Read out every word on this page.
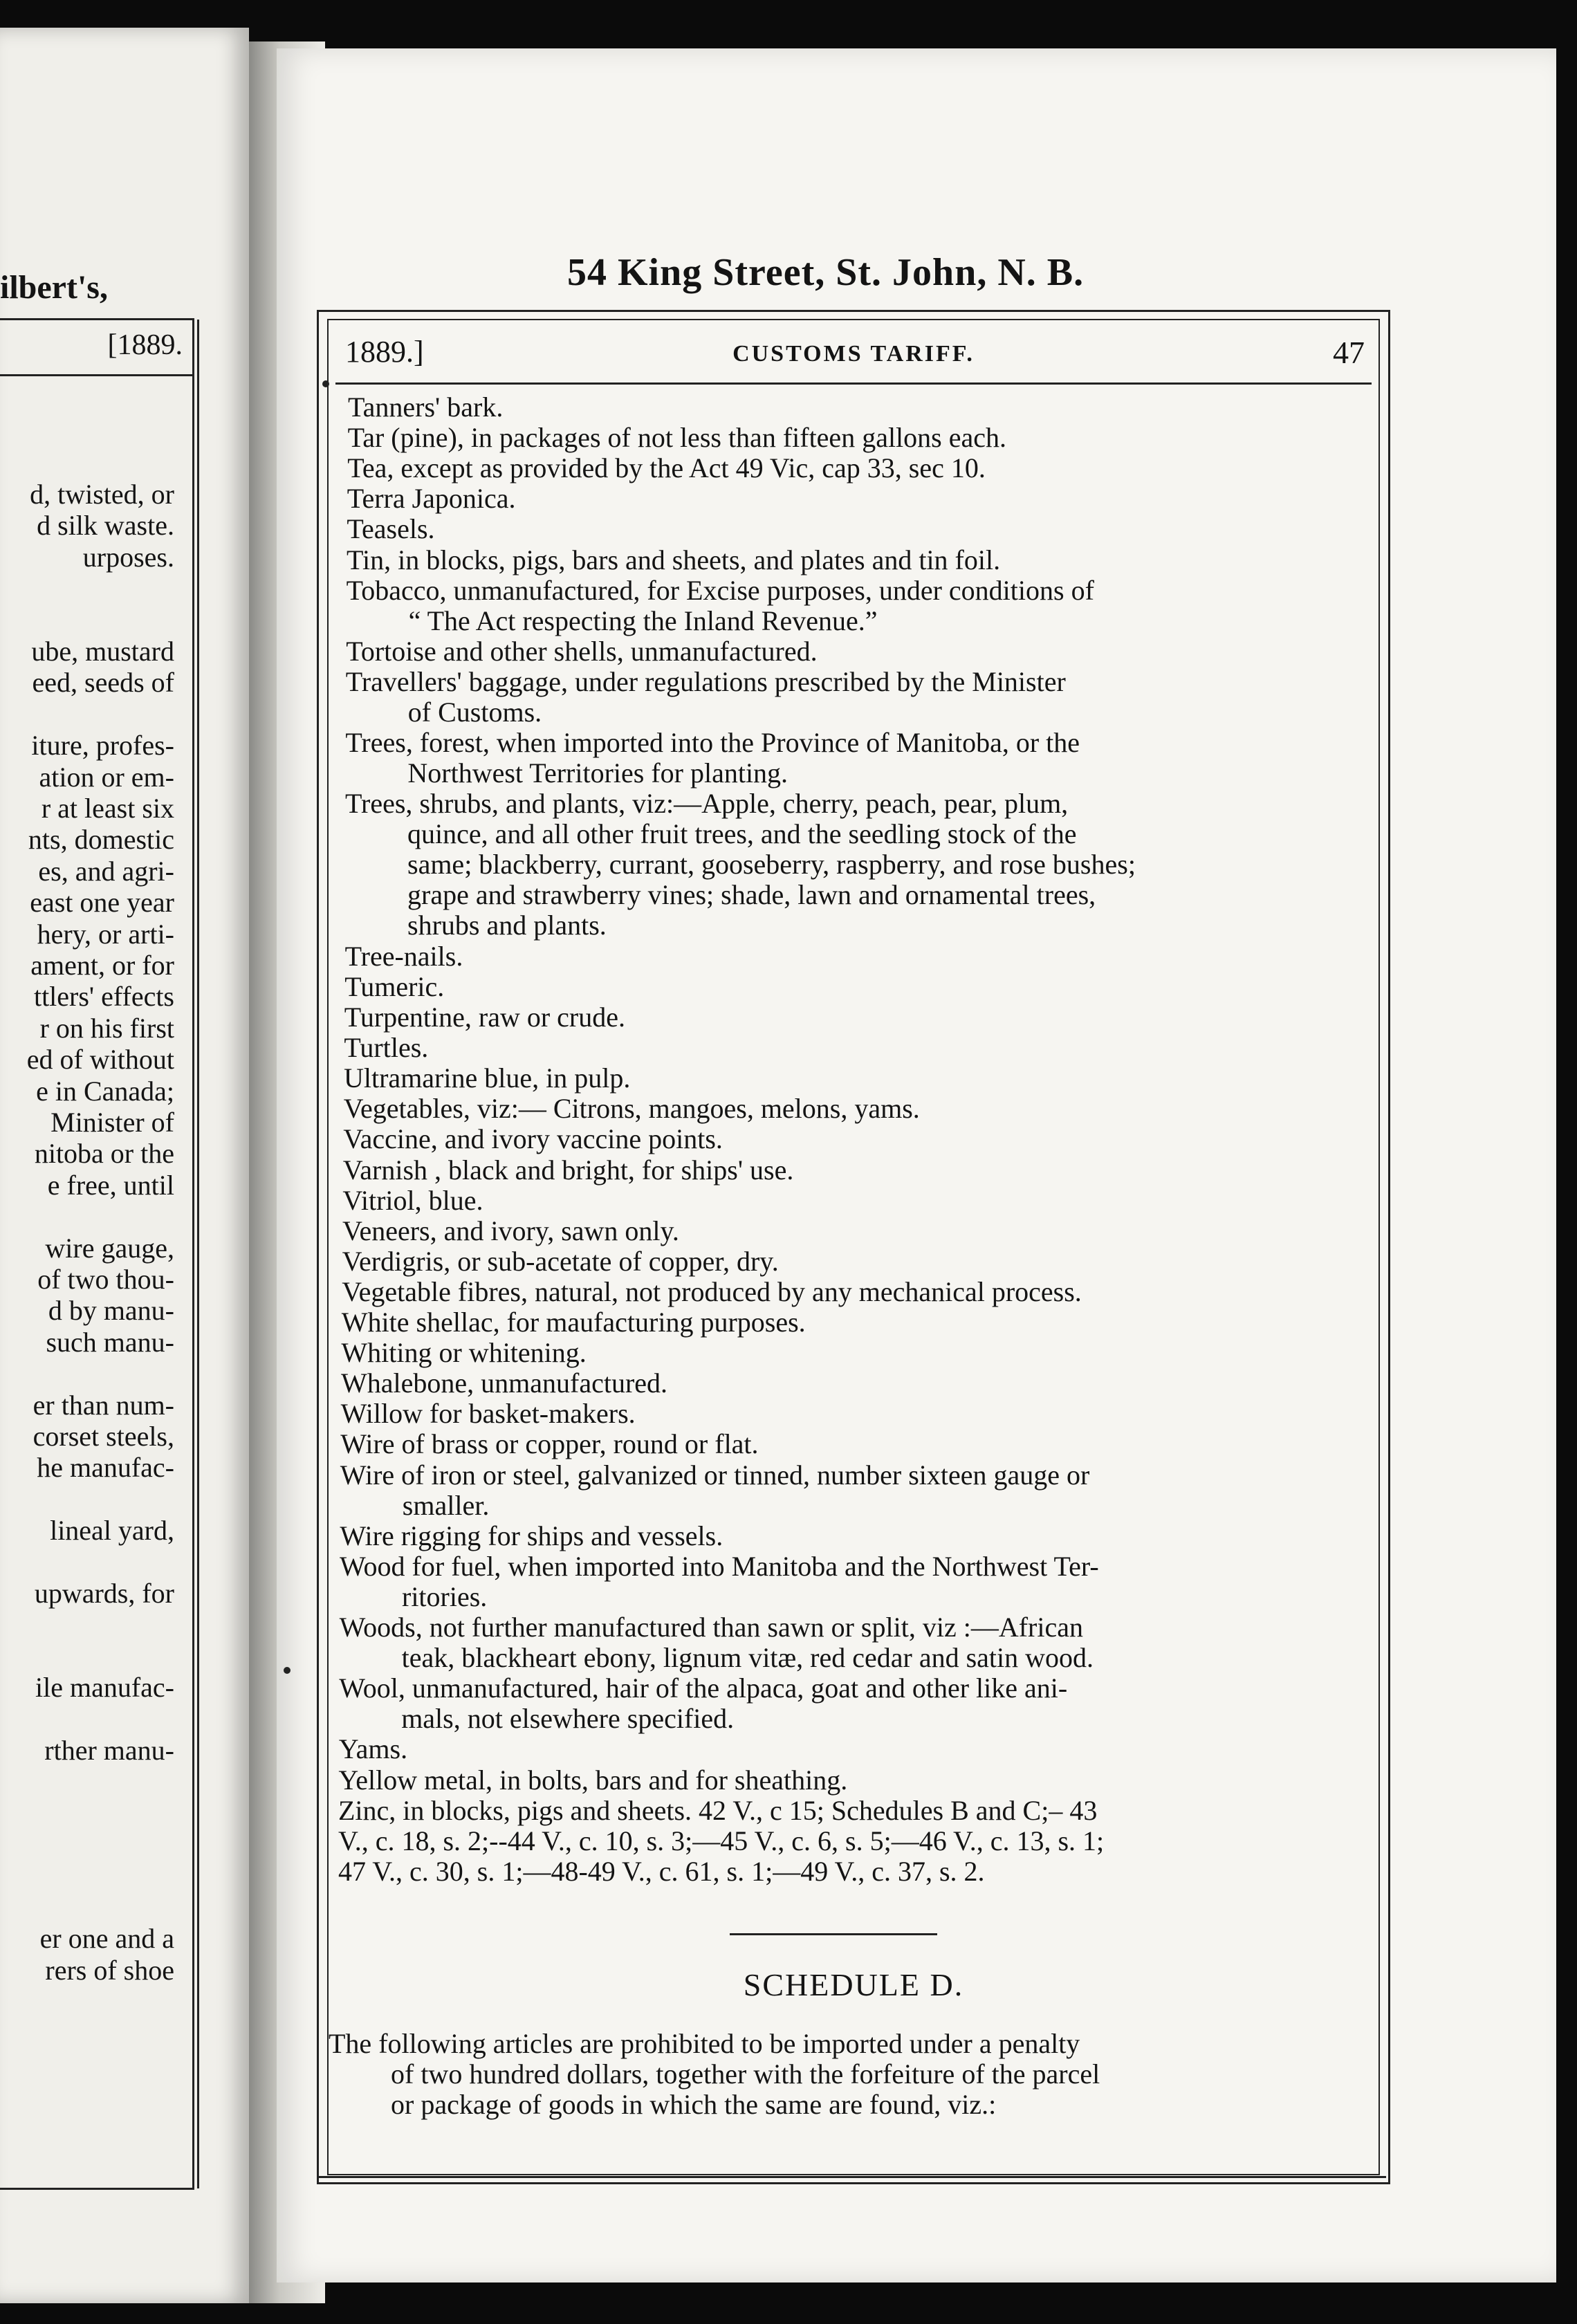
ilbert's,
[1889.
d, twisted, or
d silk waste.
urposes.
ube, mustard
eed, seeds of
iture, profes-
ation or em-
r at least six
nts, domestic
es, and agri-
east one year
hery, or arti-
ament, or for
ttlers' effects
r on his first
ed of without
e in Canada;
Minister of
nitoba or the
e free, until
wire gauge,
of two thou-
d by manu-
such manu-
er than num-
corset steels,
he manufac-
lineal yard,
upwards, for
ile manufac-
rther manu-
er one and a
rers of shoe
54 King Street, St. John, N. B.
1889.]	CUSTOMS TARIFF.	47
Tanners' bark.
Tar (pine), in packages of not less than fifteen gallons each.
Tea, except as provided by the Act 49 Vic, cap 33, sec 10.
Terra Japonica.
Teasels.
Tin, in blocks, pigs, bars and sheets, and plates and tin foil.
Tobacco, unmanufactured, for Excise purposes, under conditions of
“ The Act respecting the Inland Revenue.”
Tortoise and other shells, unmanufactured.
Travellers' baggage, under regulations prescribed by the Minister
of Customs.
Trees, forest, when imported into the Province of Manitoba, or the
Northwest Territories for planting.
Trees, shrubs, and plants, viz:—Apple, cherry, peach, pear, plum,
quince, and all other fruit trees, and the seedling stock of the
same; blackberry, currant, gooseberry, raspberry, and rose bushes;
grape and strawberry vines; shade, lawn and ornamental trees,
shrubs and plants.
Tree-nails.
Tumeric.
Turpentine, raw or crude.
Turtles.
Ultramarine blue, in pulp.
Vegetables, viz:— Citrons, mangoes, melons, yams.
Vaccine, and ivory vaccine points.
Varnish , black and bright, for ships' use.
Vitriol, blue.
Veneers, and ivory, sawn only.
Verdigris, or sub-acetate of copper, dry.
Vegetable fibres, natural, not produced by any mechanical process.
White shellac, for maufacturing purposes.
Whiting or whitening.
Whalebone, unmanufactured.
Willow for basket-makers.
Wire of brass or copper, round or flat.
Wire of iron or steel, galvanized or tinned, number sixteen gauge or
smaller.
Wire rigging for ships and vessels.
Wood for fuel, when imported into Manitoba and the Northwest Ter-
ritories.
Woods, not further manufactured than sawn or split, viz :—African
teak, blackheart ebony, lignum vitæ, red cedar and satin wood.
Wool, unmanufactured, hair of the alpaca, goat and other like ani-
mals, not elsewhere specified.
Yams.
Yellow metal, in bolts, bars and for sheathing.
Zinc, in blocks, pigs and sheets. 42 V., c 15; Schedules B and C;– 43
V., c. 18, s. 2;--44 V., c. 10, s. 3;—45 V., c. 6, s. 5;—46 V., c. 13, s. 1;
47 V., c. 30, s. 1;—48-49 V., c. 61, s. 1;—49 V., c. 37, s. 2.
SCHEDULE D.
The following articles are prohibited to be imported under a penalty
of two hundred dollars, together with the forfeiture of the parcel
or package of goods in which the same are found, viz.:
